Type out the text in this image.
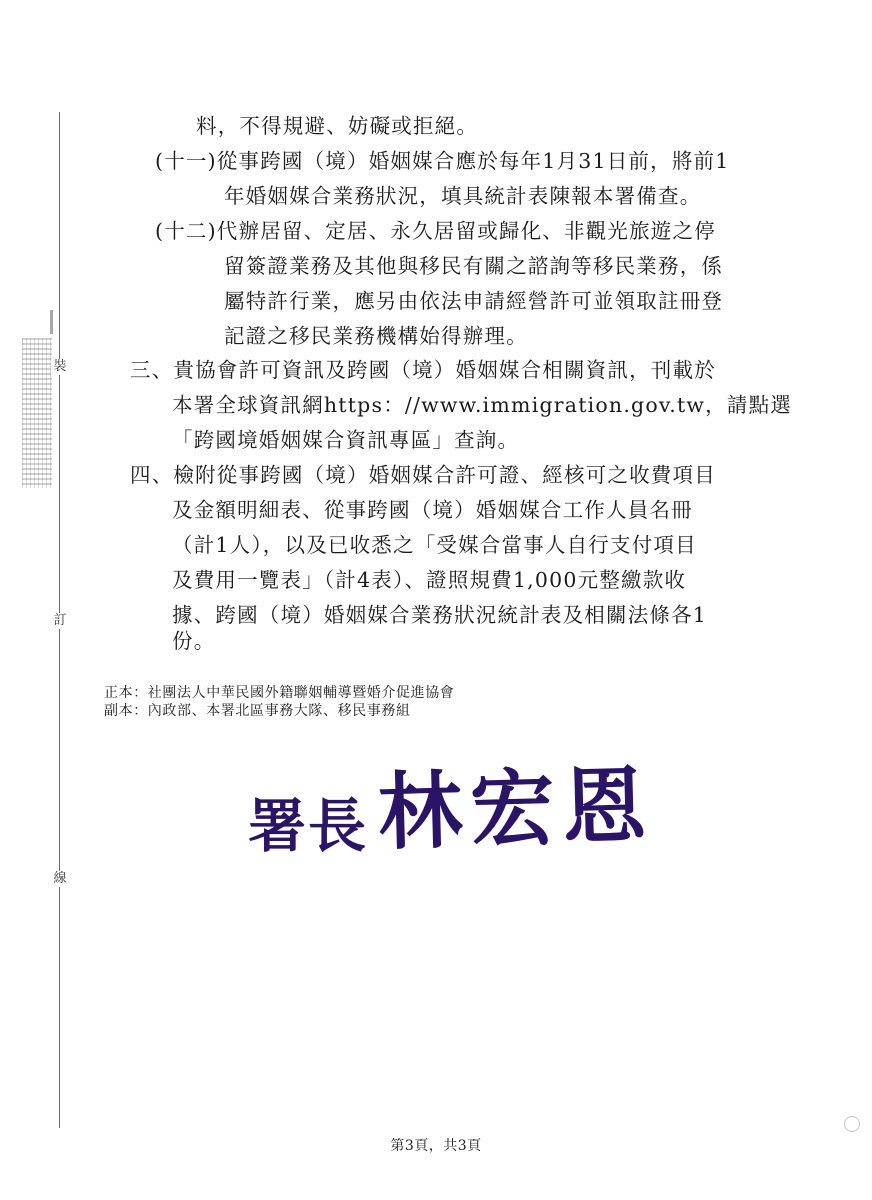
裝
訂
線
料，不得規避、妨礙或拒絕。
(十一)從事跨國（境）婚姻媒合應於每年1月31日前，將前1
年婚姻媒合業務狀況，填具統計表陳報本署備查。
(十二)代辦居留、定居、永久居留或歸化、非觀光旅遊之停
留簽證業務及其他與移民有關之諮詢等移民業務，係
屬特許行業，應另由依法申請經營許可並領取註冊登
記證之移民業務機構始得辦理。
三、貴協會許可資訊及跨國（境）婚姻媒合相關資訊，刊載於
本署全球資訊網https：//www.immigration.gov.tw，請點選
「跨國境婚姻媒合資訊專區」查詢。
四、檢附從事跨國（境）婚姻媒合許可證、經核可之收費項目
及金額明細表、從事跨國（境）婚姻媒合工作人員名冊
（計1人），以及已收悉之「受媒合當事人自行支付項目
及費用一覽表」（計4表）、證照規費1,000元整繳款收
據、跨國（境）婚姻媒合業務狀況統計表及相關法條各1
份。
正本：社團法人中華民國外籍聯姻輔導暨婚介促進協會
副本：內政部、本署北區事務大隊、移民事務組
署長 林宏恩
第3頁，共3頁
